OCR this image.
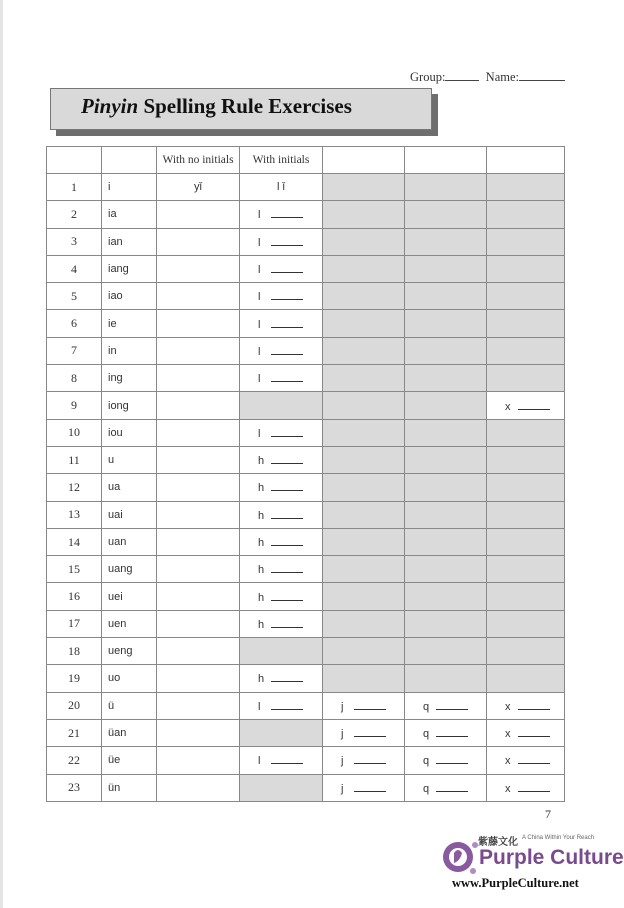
Group:	Name:
Pinyin Spelling Rule Exercises
		With no initials	With initials			
1	i	yǐ	l ǐ			
2	ia		l			
3	ian		l			
4	iang		l			
5	iao		l			
6	ie		l			
7	in		l			
8	ing		l			
9	iong					x
10	iou		l			
11	u		h			
12	ua		h			
13	uai		h			
14	uan		h			
15	uang		h			
16	uei		h			
17	uen		h			
18	ueng					
19	uo		h			
20	ü		l	j	q	x
21	üan			j	q	x
22	üe		l	j	q	x
23	ün			j	q	x
7
紫藤文化 A China Within Your Reach
Purple Culture
www.PurpleCulture.net
